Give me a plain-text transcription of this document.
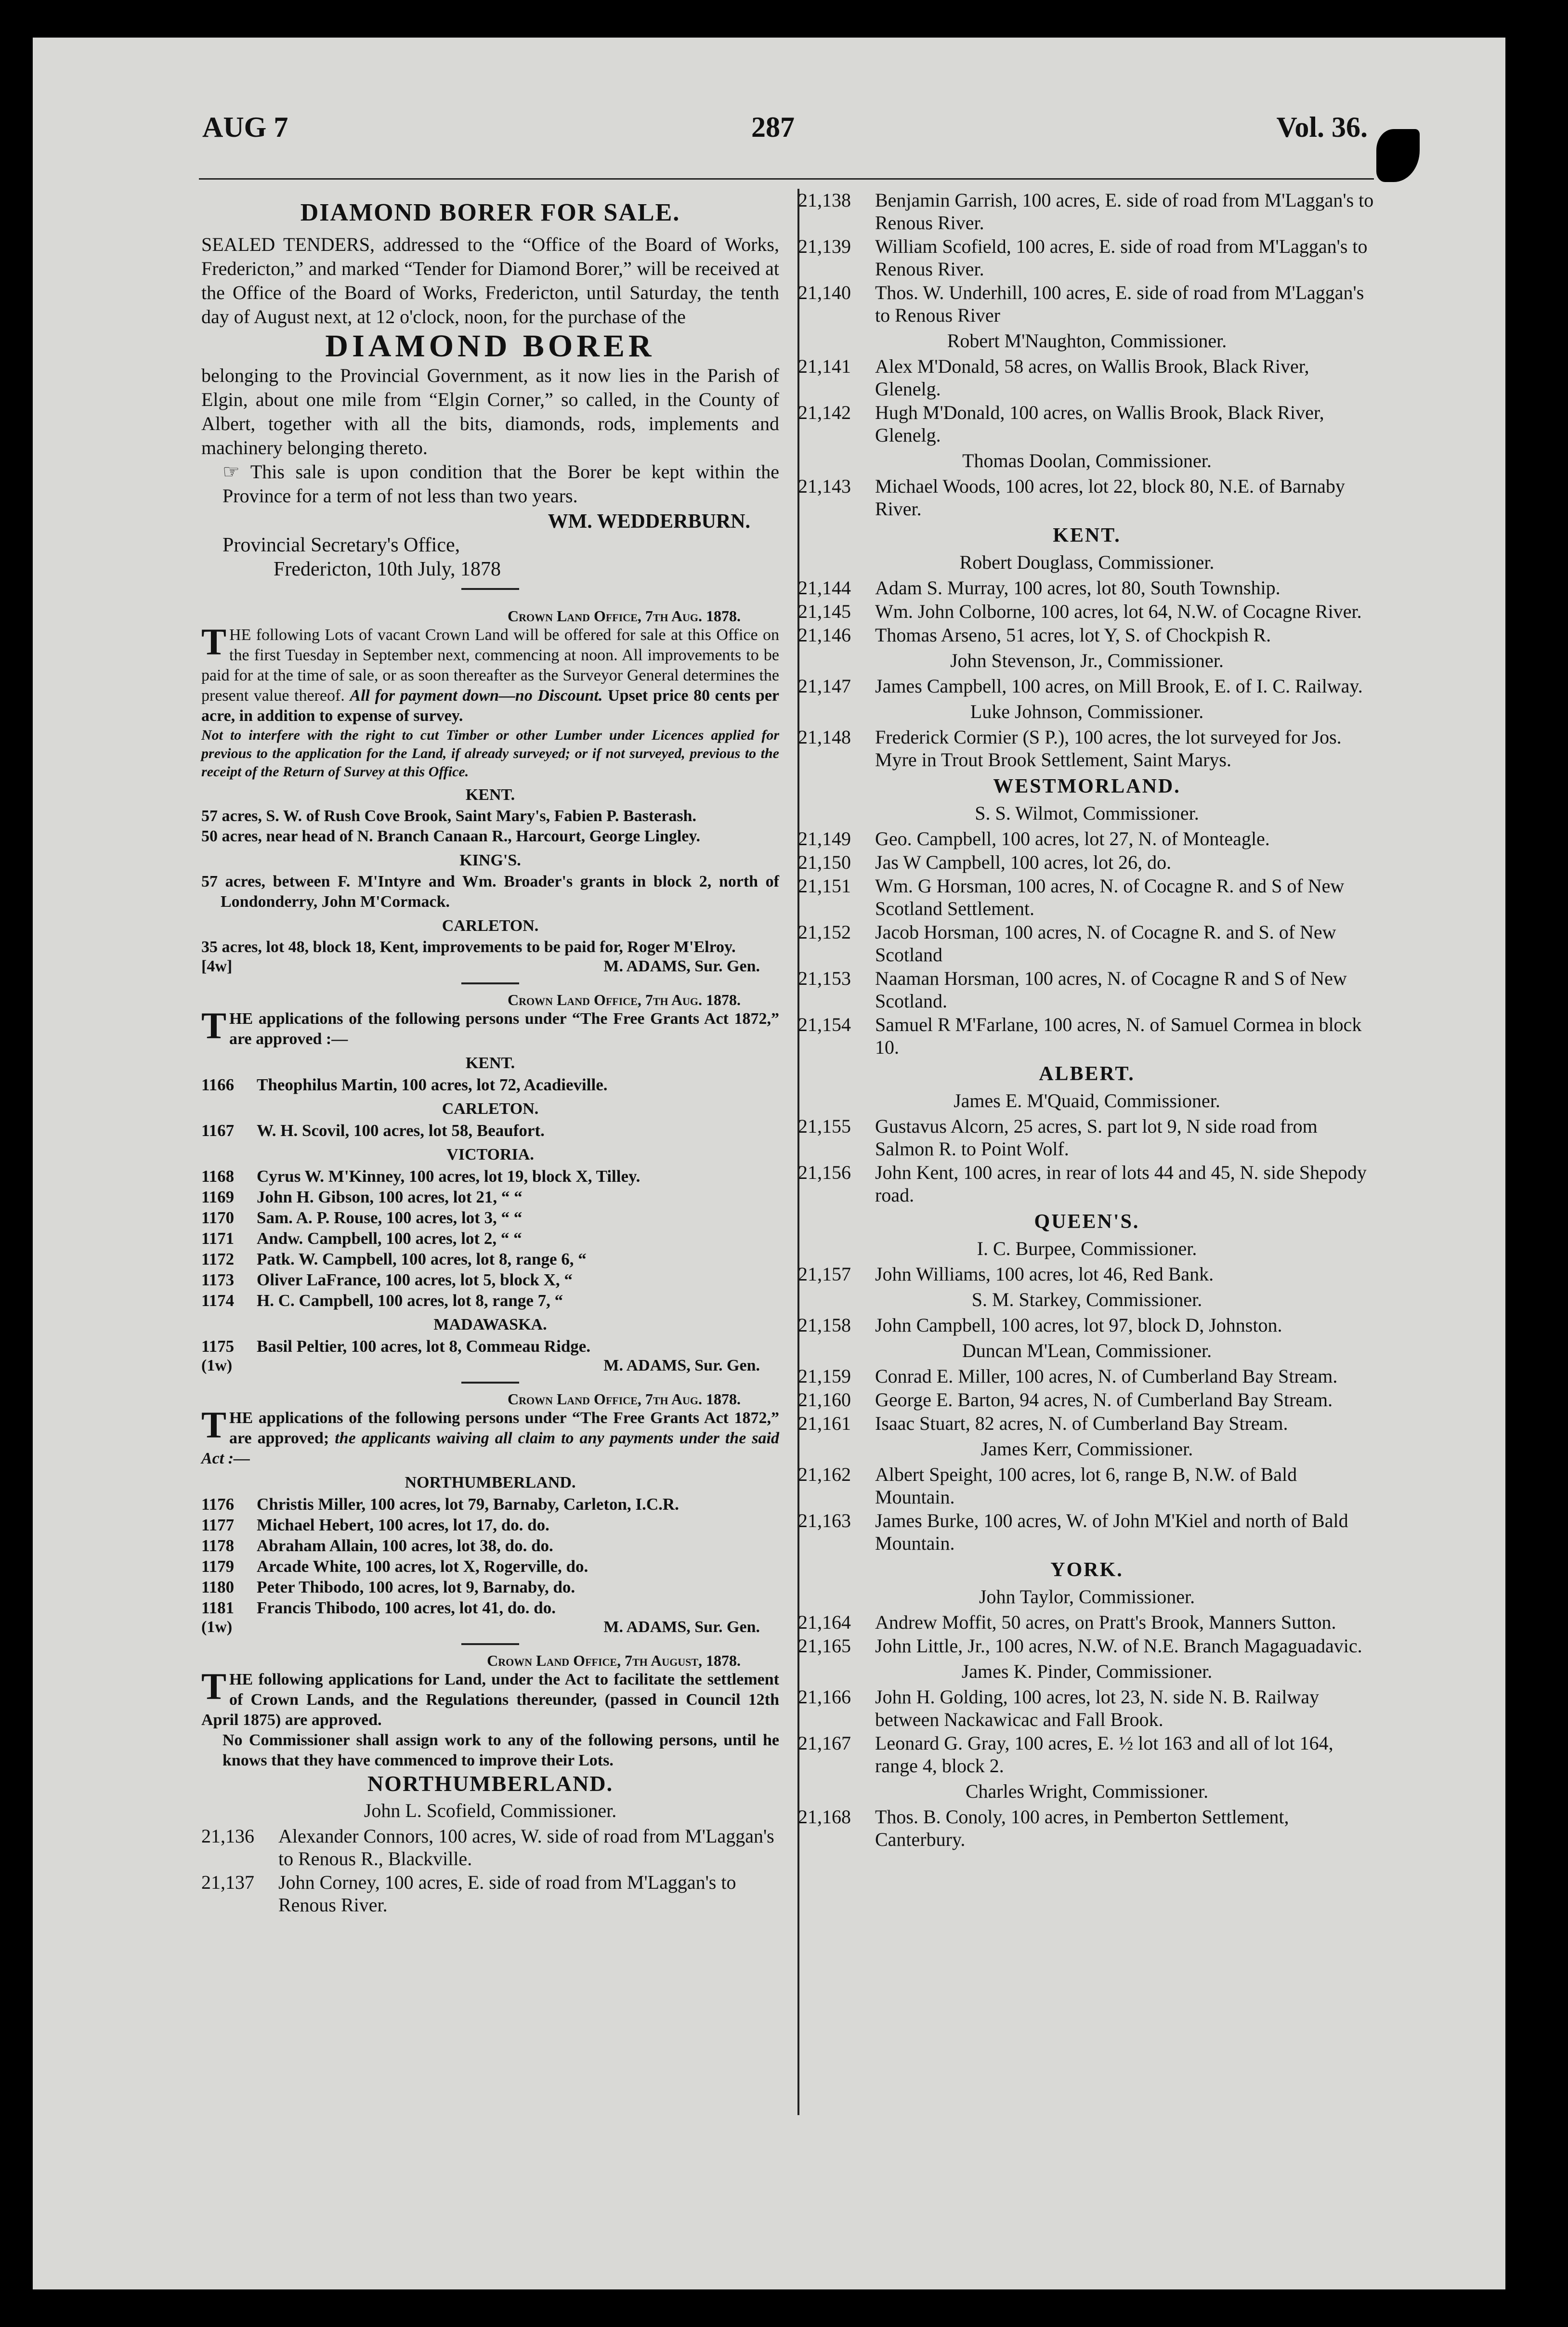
AUG 7	287	Vol. 36.

DIAMOND BORER FOR SALE.

SEALED TENDERS, addressed to the “Office of the Board of Works, Fredericton,” and marked “Tender for Diamond Borer,” will be received at the Office of the Board of Works, Fredericton, until Saturday, the tenth day of August next, at 12 o'clock, noon, for the purchase of the

DIAMOND BORER

belonging to the Provincial Government, as it now lies in the Parish of Elgin, about one mile from “Elgin Corner,” so called, in the County of Albert, together with all the bits, diamonds, rods, implements and machinery belonging thereto.

☞ This sale is upon condition that the Borer be kept within the Province for a term of not less than two years.

WM. WEDDERBURN.

Provincial Secretary's Office,

Fredericton, 10th July, 1878

Crown Land Office, 7th Aug. 1878.

THE following Lots of vacant Crown Land will be offered for sale at this Office on the first Tuesday in September next, commencing at noon. All improvements to be paid for at the time of sale, or as soon thereafter as the Surveyor General determines the present value thereof. All for payment down—no Discount. Upset price 80 cents per acre, in addition to expense of survey.

Not to interfere with the right to cut Timber or other Lumber under Licences applied for previous to the application for the Land, if already surveyed; or if not surveyed, previous to the receipt of the Return of Survey at this Office.

KENT.

57 acres, S. W. of Rush Cove Brook, Saint Mary's, Fabien P. Basterash.

50 acres, near head of N. Branch Canaan R., Harcourt, George Lingley.

KING'S.

57 acres, between F. M'Intyre and Wm. Broader's grants in block 2, north of Londonderry, John M'Cormack.

CARLETON.

35 acres, lot 48, block 18, Kent, improvements to be paid for, Roger M'Elroy.

[4w]	M. ADAMS, Sur. Gen.

Crown Land Office, 7th Aug. 1878.

THE applications of the following persons under “The Free Grants Act 1872,” are approved :—

KENT.

1166 Theophilus Martin, 100 acres, lot 72, Acadieville.

CARLETON.

1167 W. H. Scovil, 100 acres, lot 58, Beaufort.

VICTORIA.

1168 Cyrus W. M'Kinney, 100 acres, lot 19, block X, Tilley.
1169 John H. Gibson, 100 acres, lot 21, “ “
1170 Sam. A. P. Rouse, 100 acres, lot 3, “ “
1171 Andw. Campbell, 100 acres, lot 2, “ “
1172 Patk. W. Campbell, 100 acres, lot 8, range 6, “
1173 Oliver LaFrance, 100 acres, lot 5, block X, “
1174 H. C. Campbell, 100 acres, lot 8, range 7, “

MADAWASKA.

1175 Basil Peltier, 100 acres, lot 8, Commeau Ridge.
(1w)	M. ADAMS, Sur. Gen.

Crown Land Office, 7th Aug. 1878.

THE applications of the following persons under “The Free Grants Act 1872,” are approved; the applicants waiving all claim to any payments under the said Act :—

NORTHUMBERLAND.

1176 Christis Miller, 100 acres, lot 79, Barnaby, Carleton, I.C.R.
1177 Michael Hebert, 100 acres, lot 17, do. do.
1178 Abraham Allain, 100 acres, lot 38, do. do.
1179 Arcade White, 100 acres, lot X, Rogerville, do.
1180 Peter Thibodo, 100 acres, lot 9, Barnaby, do.
1181 Francis Thibodo, 100 acres, lot 41, do. do.
(1w)	M. ADAMS, Sur. Gen.

Crown Land Office, 7th August, 1878.

THE following applications for Land, under the Act to facilitate the settlement of Crown Lands, and the Regulations thereunder, (passed in Council 12th April 1875) are approved.

No Commissioner shall assign work to any of the following persons, until he knows that they have commenced to improve their Lots.

NORTHUMBERLAND.

John L. Scofield, Commissioner.

21,136 Alexander Connors, 100 acres, W. side of road from M'Laggan's to Renous R., Blackville.
21,137 John Corney, 100 acres, E. side of road from M'Laggan's to Renous River.
21,138 Benjamin Garrish, 100 acres, E. side of road from M'Laggan's to Renous River.
21,139 William Scofield, 100 acres, E. side of road from M'Laggan's to Renous River.
21,140 Thos. W. Underhill, 100 acres, E. side of road from M'Laggan's to Renous River

Robert M'Naughton, Commissioner.

21,141 Alex M'Donald, 58 acres, on Wallis Brook, Black River, Glenelg.
21,142 Hugh M'Donald, 100 acres, on Wallis Brook, Black River, Glenelg.

Thomas Doolan, Commissioner.

21,143 Michael Woods, 100 acres, lot 22, block 80, N.E. of Barnaby River.

KENT.

Robert Douglass, Commissioner.

21,144 Adam S. Murray, 100 acres, lot 80, South Township.
21,145 Wm. John Colborne, 100 acres, lot 64, N.W. of Cocagne River.
21,146 Thomas Arseno, 51 acres, lot Y, S. of Chockpish R.

John Stevenson, Jr., Commissioner.

21,147 James Campbell, 100 acres, on Mill Brook, E. of I. C. Railway.

Luke Johnson, Commissioner.

21,148 Frederick Cormier (S P.), 100 acres, the lot surveyed for Jos. Myre in Trout Brook Settlement, Saint Marys.

WESTMORLAND.

S. S. Wilmot, Commissioner.

21,149 Geo. Campbell, 100 acres, lot 27, N. of Monteagle.
21,150 Jas W Campbell, 100 acres, lot 26, do.
21,151 Wm. G Horsman, 100 acres, N. of Cocagne R. and S of New Scotland Settlement.
21,152 Jacob Horsman, 100 acres, N. of Cocagne R. and S. of New Scotland
21,153 Naaman Horsman, 100 acres, N. of Cocagne R and S of New Scotland.
21,154 Samuel R M'Farlane, 100 acres, N. of Samuel Cormea in block 10.

ALBERT.

James E. M'Quaid, Commissioner.

21,155 Gustavus Alcorn, 25 acres, S. part lot 9, N side road from Salmon R. to Point Wolf.
21,156 John Kent, 100 acres, in rear of lots 44 and 45, N. side Shepody road.

QUEEN'S.

I. C. Burpee, Commissioner.

21,157 John Williams, 100 acres, lot 46, Red Bank.

S. M. Starkey, Commissioner.

21,158 John Campbell, 100 acres, lot 97, block D, Johnston.

Duncan M'Lean, Commissioner.

21,159 Conrad E. Miller, 100 acres, N. of Cumberland Bay Stream.
21,160 George E. Barton, 94 acres, N. of Cumberland Bay Stream.
21,161 Isaac Stuart, 82 acres, N. of Cumberland Bay Stream.

James Kerr, Commissioner.

21,162 Albert Speight, 100 acres, lot 6, range B, N.W. of Bald Mountain.
21,163 James Burke, 100 acres, W. of John M'Kiel and north of Bald Mountain.

YORK.

John Taylor, Commissioner.

21,164 Andrew Moffit, 50 acres, on Pratt's Brook, Manners Sutton.
21,165 John Little, Jr., 100 acres, N.W. of N.E. Branch Magaguadavic.

James K. Pinder, Commissioner.

21,166 John H. Golding, 100 acres, lot 23, N. side N. B. Railway between Nackawicac and Fall Brook.
21,167 Leonard G. Gray, 100 acres, E. ½ lot 163 and all of lot 164, range 4, block 2.

Charles Wright, Commissioner.

21,168 Thos. B. Conoly, 100 acres, in Pemberton Settlement, Canterbury.
